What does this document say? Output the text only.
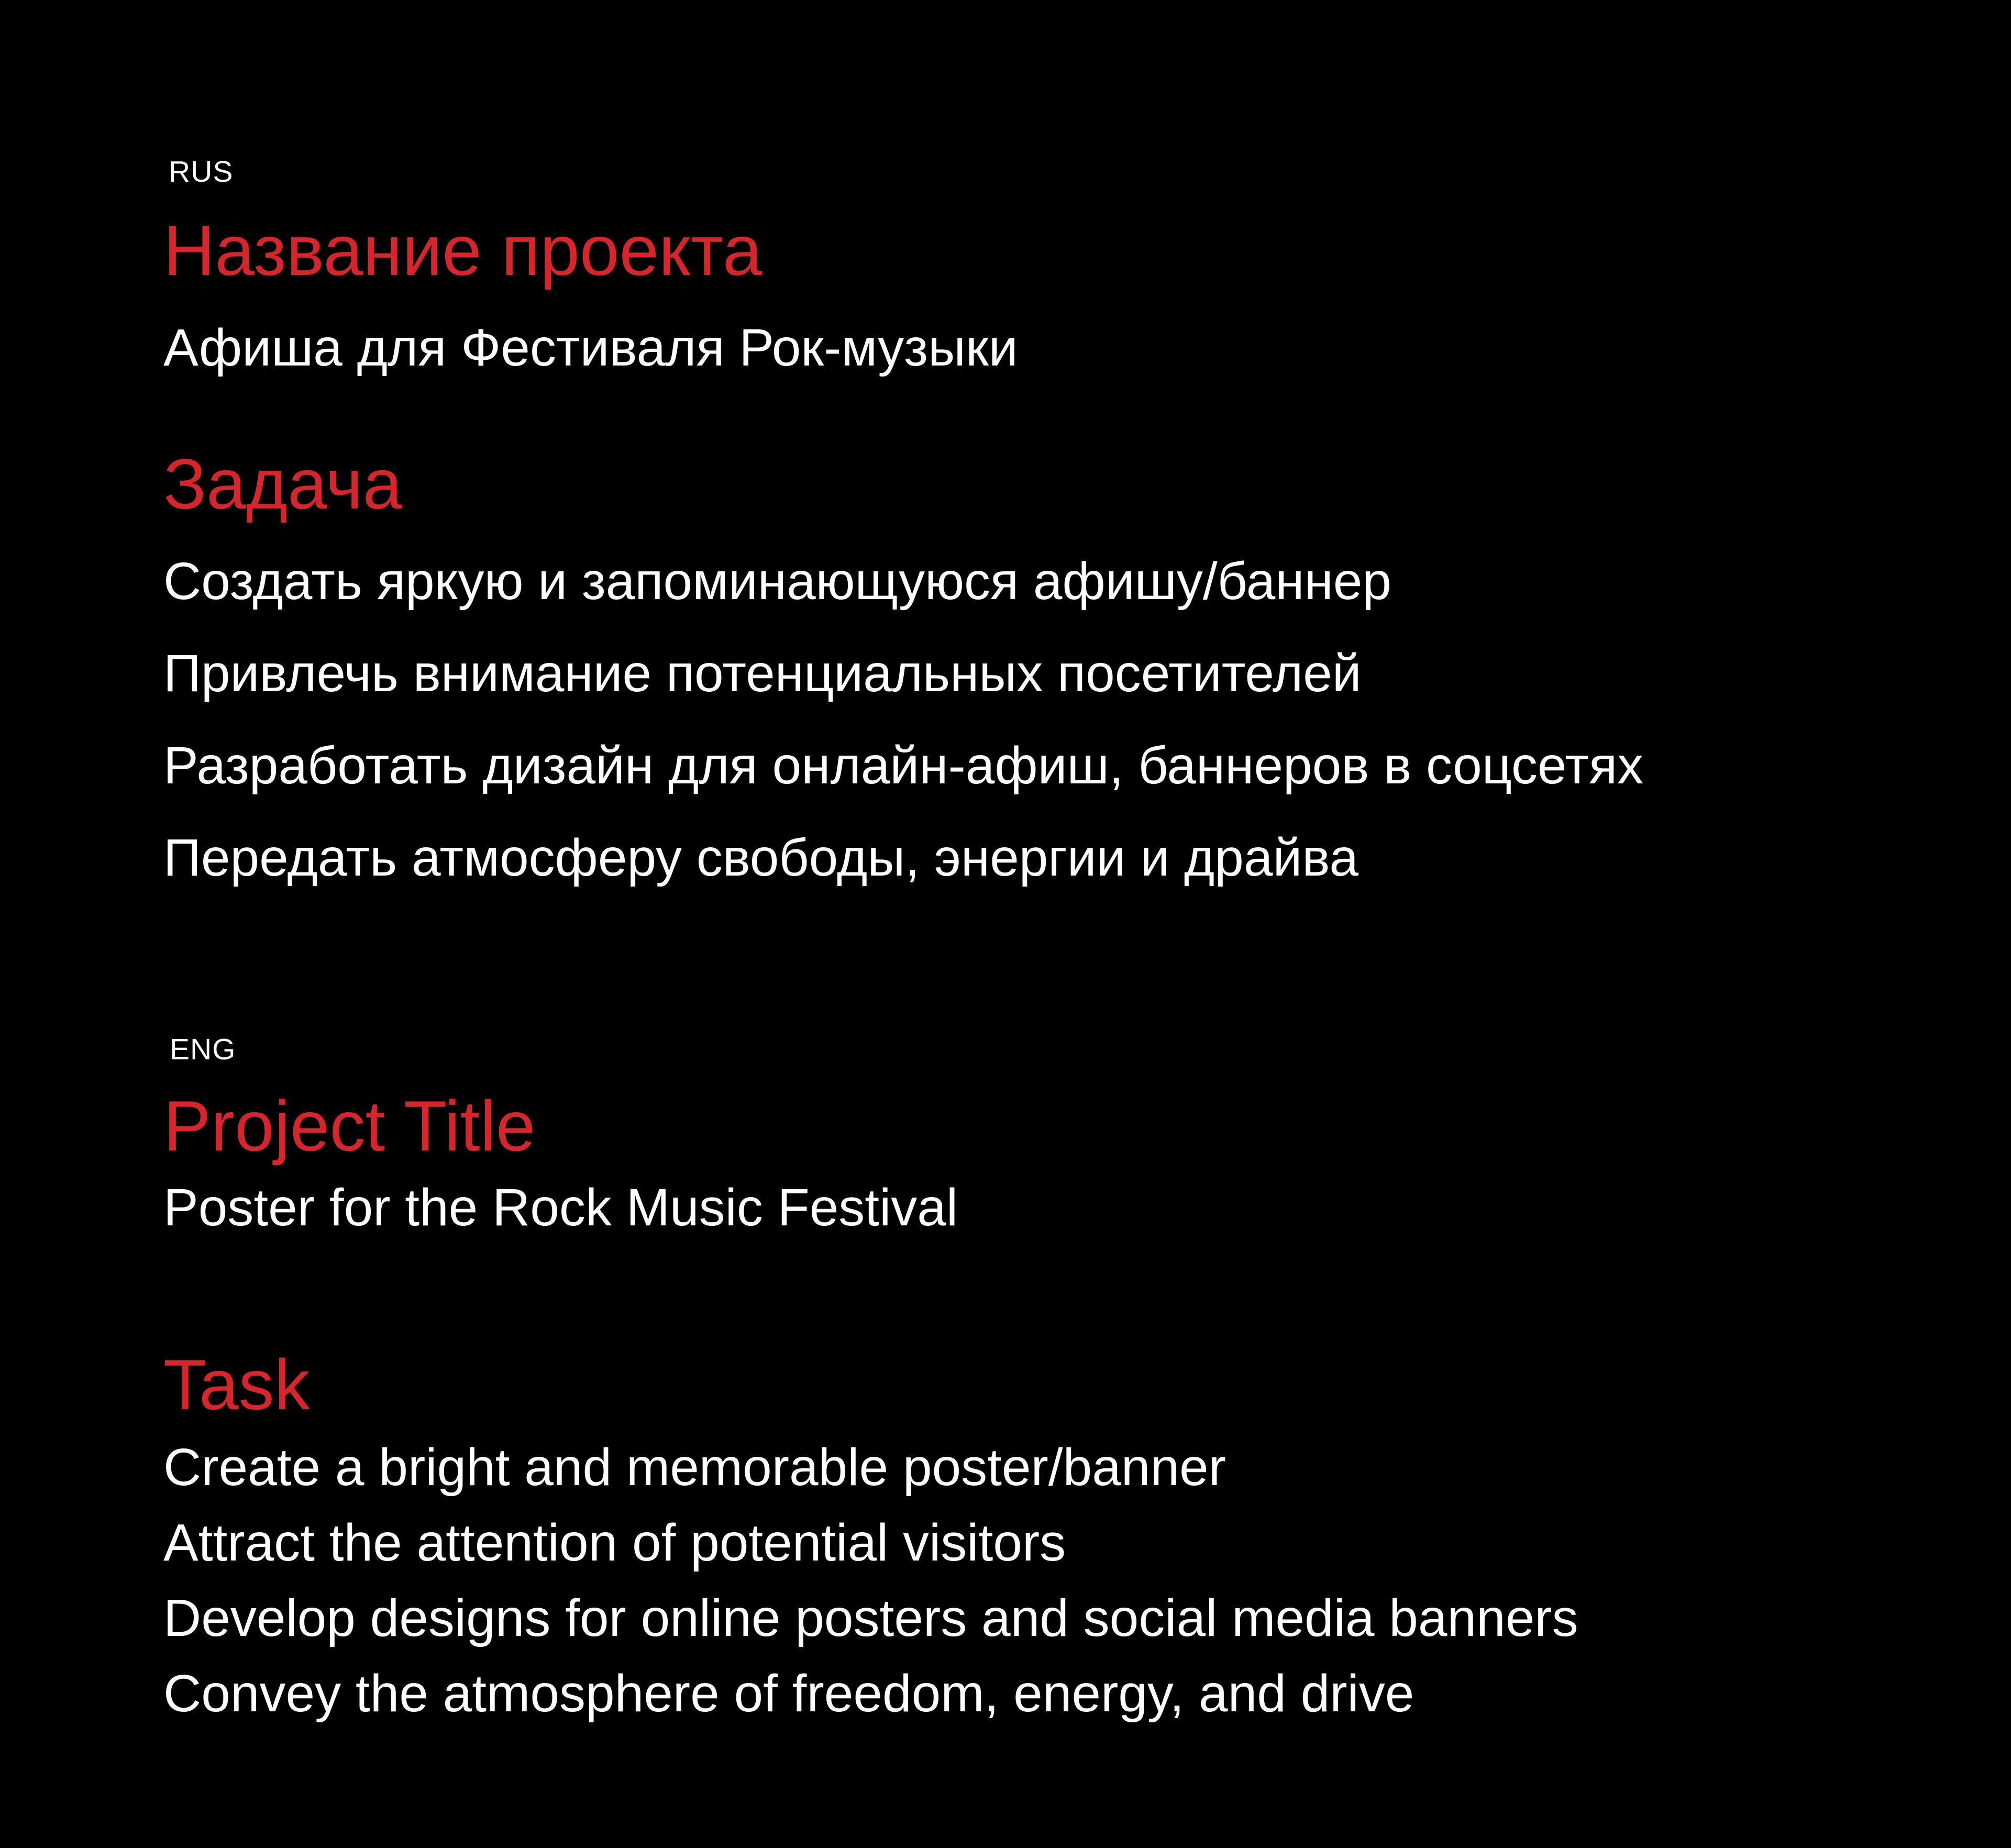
RUS
Название проекта
Афиша для Фестиваля Рок-музыки
Задача
Создать яркую и запоминающуюся афишу/баннер
Привлечь внимание потенциальных посетителей
Разработать дизайн для онлайн-афиш, баннеров в соцсетях
Передать атмосферу свободы, энергии и драйва
ENG
Project Title
Poster for the Rock Music Festival
Task
Create a bright and memorable poster/banner
Attract the attention of potential visitors
Develop designs for online posters and social media banners
Convey the atmosphere of freedom, energy, and drive
